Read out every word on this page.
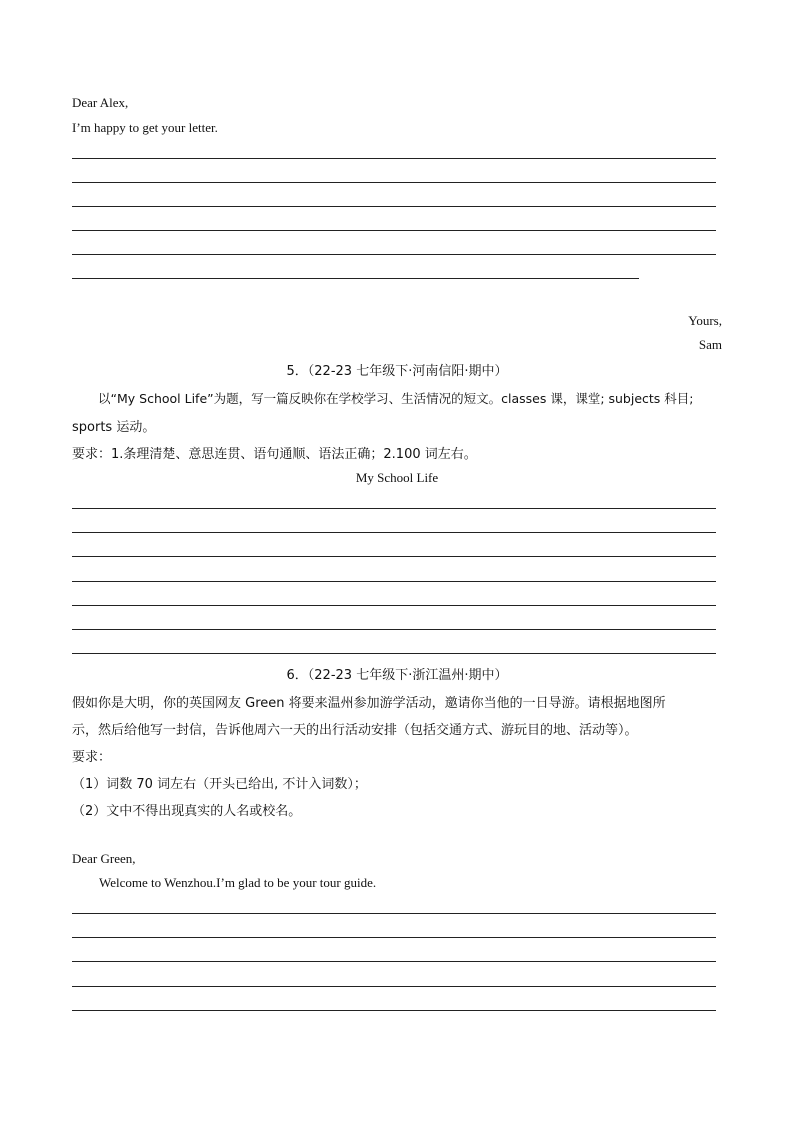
Dear Alex,
I’m happy to get your letter.
Yours,
Sam
5．（22-23 七年级下·河南信阳·期中）
以“My School Life”为题，写一篇反映你在学校学习、生活情况的短文。classes 课，课堂; subjects 科目;
sports 运动。
要求：1.条理清楚、意思连贯、语句通顺、语法正确；2.100 词左右。
My School Life
6．（22-23 七年级下·浙江温州·期中）
假如你是大明，你的英国网友 Green 将要来温州参加游学活动，邀请你当他的一日导游。请根据地图所
示，然后给他写一封信，告诉他周六一天的出行活动安排（包括交通方式、游玩目的地、活动等）。
要求：
（1）词数 70 词左右（开头已给出, 不计入词数）；
（2）文中不得出现真实的人名或校名。
Dear Green,
Welcome to Wenzhou.I’m glad to be your tour guide.
